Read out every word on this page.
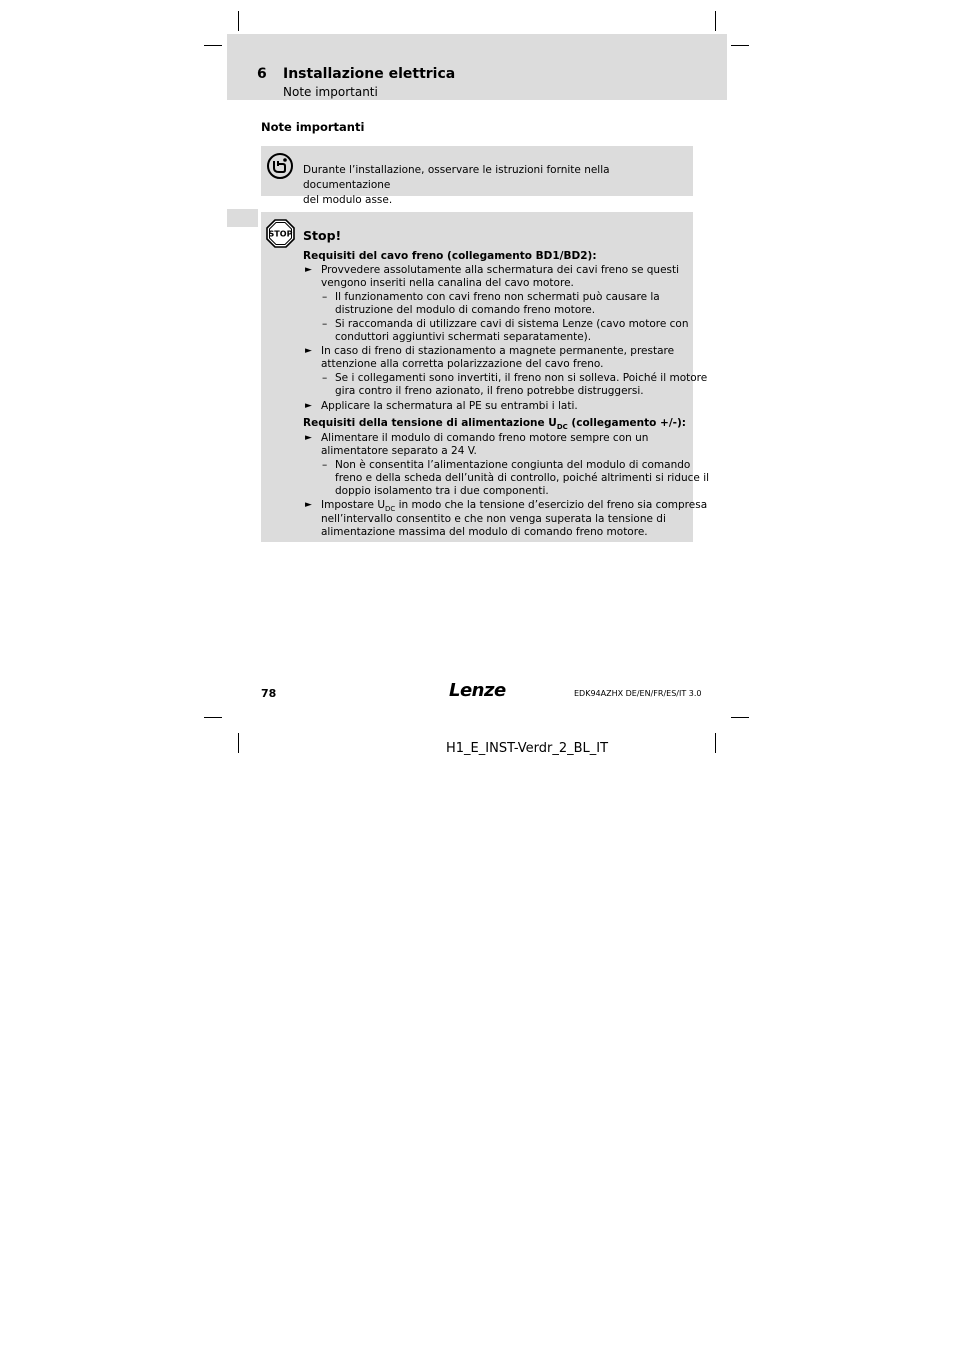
6 Installazione elettrica
Note importanti
Note importanti
Durante l’installazione, osservare le istruzioni fornite nella documentazione
del modulo asse.
STOP Stop!
Requisiti del cavo freno (collegamento BD1/BD2):
► Provvedere assolutamente alla schermatura dei cavi freno se questi
vengono inseriti nella canalina del cavo motore.
– Il funzionamento con cavi freno non schermati può causare la
distruzione del modulo di comando freno motore.
– Si raccomanda di utilizzare cavi di sistema Lenze (cavo motore con
conduttori aggiuntivi schermati separatamente).
► In caso di freno di stazionamento a magnete permanente, prestare
attenzione alla corretta polarizzazione del cavo freno.
– Se i collegamenti sono invertiti, il freno non si solleva. Poiché il motore
gira contro il freno azionato, il freno potrebbe distruggersi.
► Applicare la schermatura al PE su entrambi i lati.
Requisiti della tensione di alimentazione $U_{DC}$ (collegamento +/-):
► Alimentare il modulo di comando freno motore sempre con un
alimentatore separato a 24 V.
– Non è consentita l’alimentazione congiunta del modulo di comando
freno e della scheda dell’unità di controllo, poiché altrimenti si riduce il
doppio isolamento tra i due componenti.
► Impostare $U_{DC}$ in modo che la tensione d’esercizio del freno sia compresa
nell’intervallo consentito e che non venga superata la tensione di
alimentazione massima del modulo di comando freno motore.
78	Lenze	EDK94AZHX DE/EN/FR/ES/IT 3.0
H1_E_INST-Verdr_2_BL_IT
